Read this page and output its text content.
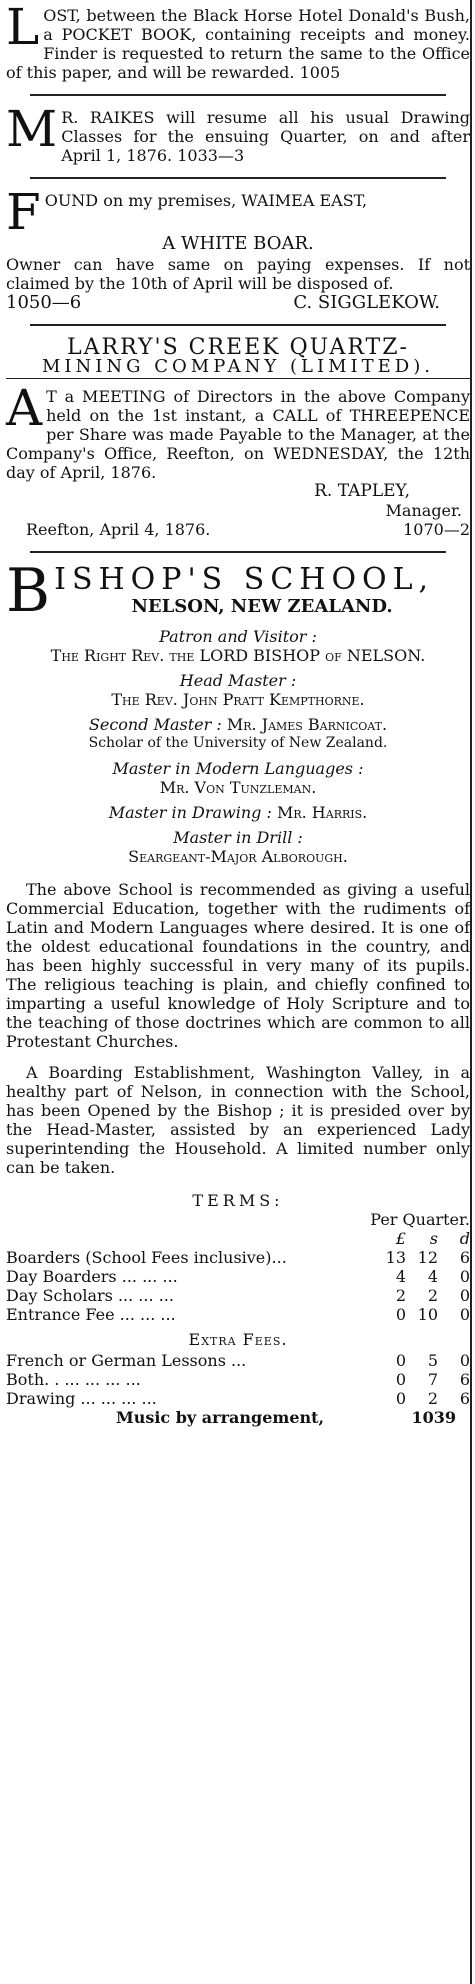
L OST, between the Black Horse Hotel Donald's Bush, a POCKET BOOK, containing receipts and money. Finder is requested to return the same to the Office of this paper, and will be rewarded. 1005
M R. RAIKES will resume all his usual Drawing Classes for the ensuing Quarter, on and after April 1, 1876. 1033—3
F OUND on my premises, WAIMEA EAST,
A WHITE BOAR.
Owner can have same on paying expenses. If not claimed by the 10th of April will be disposed of.
1050—6	C. SIGGLEKOW.
LARRY'S CREEK QUARTZ-
MINING COMPANY (LIMITED).
A T a MEETING of Directors in the above Company held on the 1st instant, a CALL of THREEPENCE per Share was made Payable to the Manager, at the Company's Office, Reefton, on WEDNESDAY, the 12th day of April, 1876.
R. TAPLEY,
Manager.
Reefton, April 4, 1876.	1070—2
B ISHOP'S SCHOOL,
NELSON, NEW ZEALAND.
Patron and Visitor :
The Right Rev. the LORD BISHOP of NELSON.
Head Master :
The Rev. John Pratt Kempthorne.
Second Master : Mr. James Barnicoat.
Scholar of the University of New Zealand.
Master in Modern Languages :
Mr. Von Tunzleman.
Master in Drawing : Mr. Harris.
Master in Drill :
Seargeant-Major Alborough.

The above School is recommended as giving a useful Commercial Education, together with the rudiments of Latin and Modern Languages where desired. It is one of the oldest educational foundations in the country, and has been highly successful in very many of its pupils. The religious teaching is plain, and chiefly confined to imparting a useful knowledge of Holy Scripture and to the teaching of those doctrines which are common to all Protestant Churches.

A Boarding Establishment, Washington Valley, in a healthy part of Nelson, in connection with the School, has been Opened by the Bishop ; it is presided over by the Head-Master, assisted by an experienced Lady superintending the Household. A limited number only can be taken.

TERMS:
Per Quarter.
	£	s	d
Boarders (School Fees inclusive)...	13	12	6
Day Boarders ... ... ...	4	4	0
Day Scholars ... ... ...	2	2	0
Entrance Fee ... ... ...	0	10	0
Extra Fees.			
French or German Lessons ...	0	5	0
Both. . ... ... ... ...	0	7	6
Drawing ... ... ... ...	0	2	6
Music by arrangement,	1039
